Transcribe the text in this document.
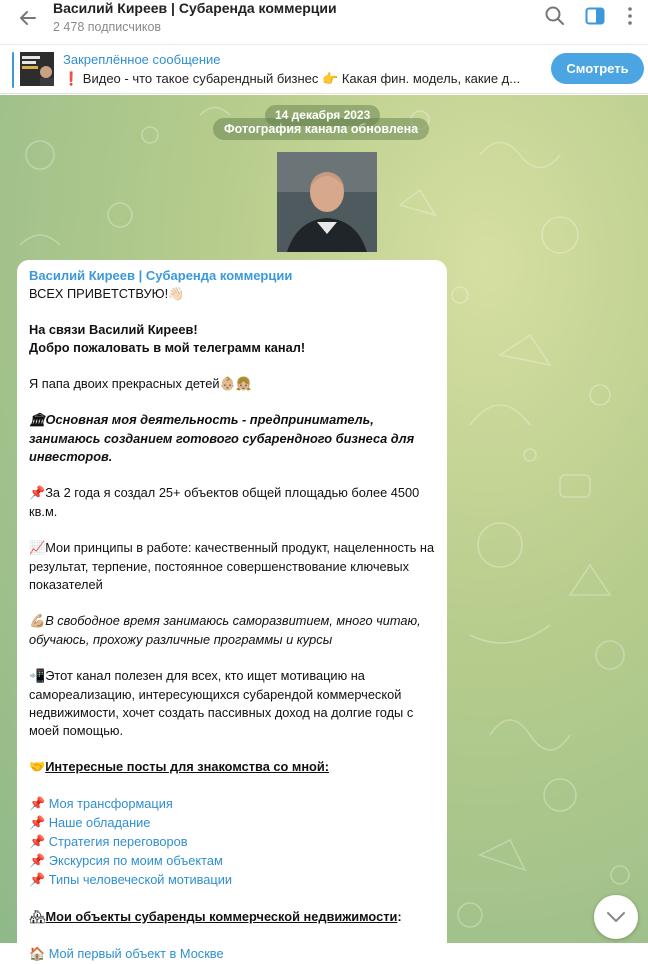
Василий Киреев | Субаренда коммерции
2 478 подписчиков
Закреплённое сообщение
❗ Видео - что такое субарендный бизнес 👉 Какая фин. модель, какие д...
Смотреть
Фотография канала обновлена
14 декабря 2023
Василий Киреев | Субаренда коммерции

ВСЕХ ПРИВЕТСТВУЮ!👋🏻

На связи Василий Киреев!

Добро пожаловать в мой телеграмм канал!

Я папа двоих прекрасных детей👶🏼👧🏼

🏛Основная моя деятельность - предприниматель, занимаюсь созданием готового субарендного бизнеса для инвесторов.

📌За 2 года я создал 25+ объектов общей площадью более 4500 кв.м.

📈Мои принципы в работе: качественный продукт, нацеленность на результат, терпение, постоянное совершенствование ключевых показателей

💪🏼В свободное время занимаюсь саморазвитием, много читаю, обучаюсь, прохожу различные программы и курсы

📲Этот канал полезен для всех, кто ищет мотивацию на самореализацию, интересующихся субарендой коммерческой недвижимости, хочет создать пассивных доход на долгие годы с моей помощью.

🤝Интересные посты для знакомства со мной:

📌 Моя трансформация

📌 Наше обладание

📌 Стратегия переговоров

📌 Экскурсия по моим объектам

📌 Типы человеческой мотивации

🏘Мои объекты субаренды коммерческой недвижимости:

🏠 Мой первый объект в Москве
